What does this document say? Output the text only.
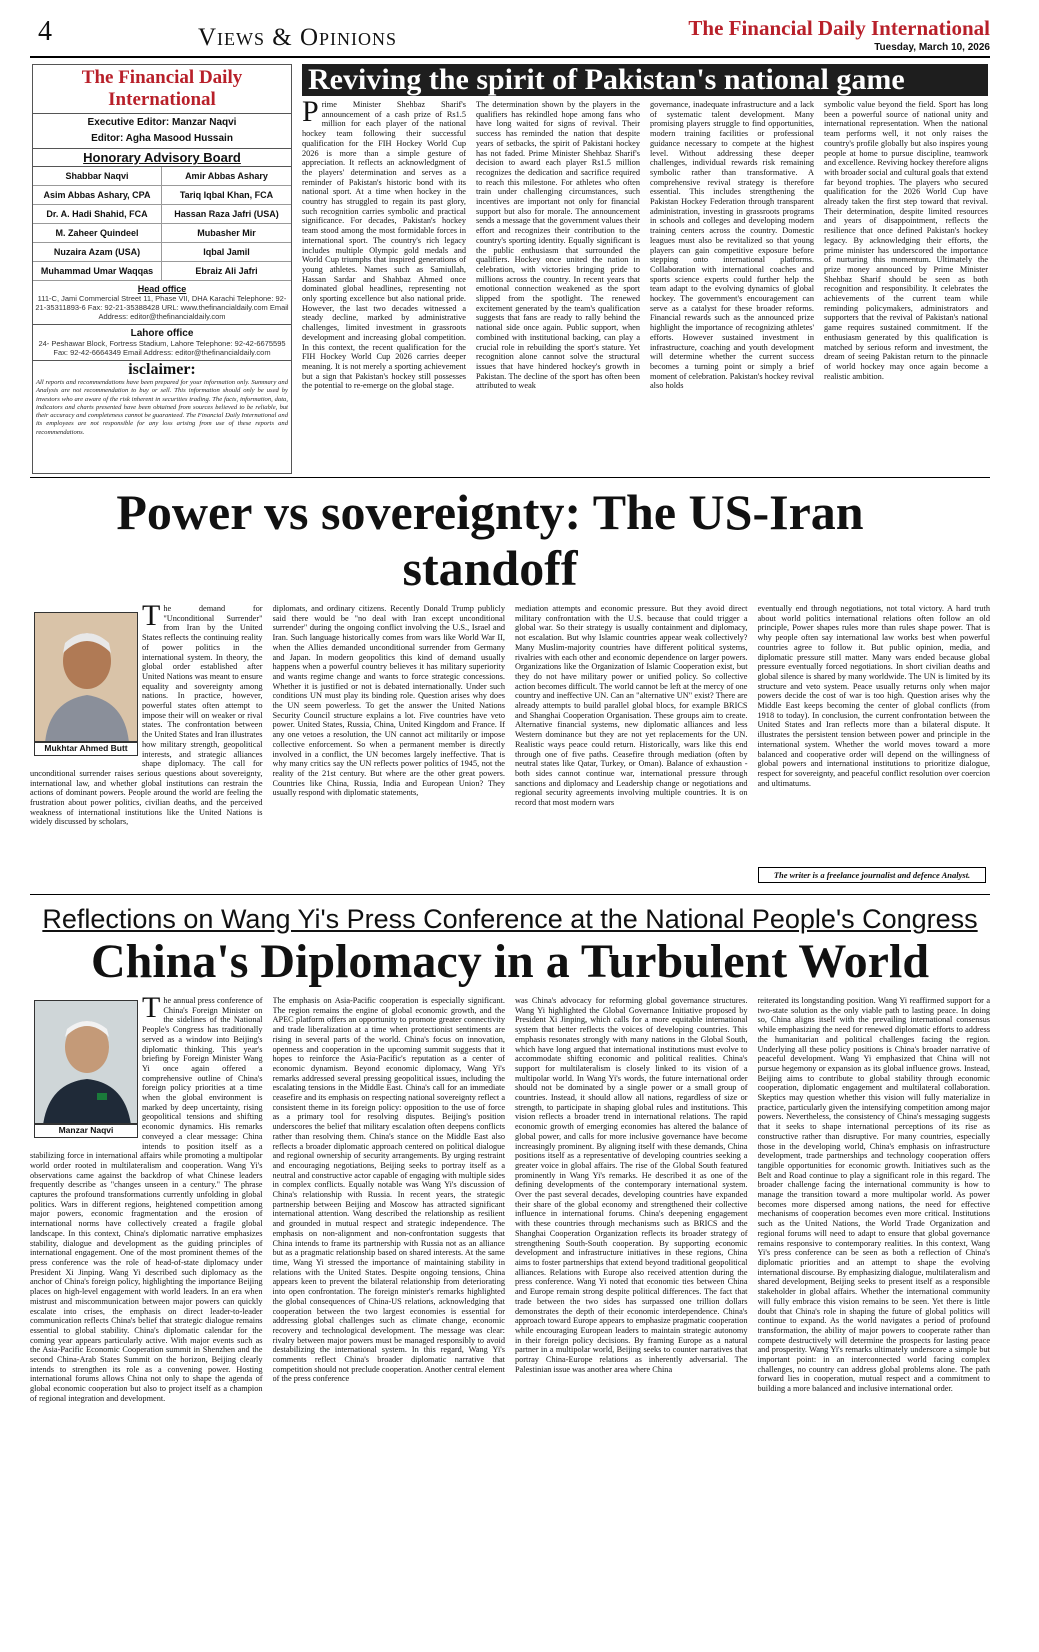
4	Views & Opinions	The Financial Daily International
Tuesday, March 10, 2026
The Financial Daily International
Executive Editor: Manzar Naqvi
Editor: Agha Masood Hussain
Honorary Advisory Board
Shabbar Naqvi	Amir Abbas Ashary
Asim Abbas Ashary, CPA	Tariq Iqbal Khan, FCA
Dr. A. Hadi Shahid, FCA	Hassan Raza Jafri (USA)
M. Zaheer Quindeel	Mubasher Mir
Nuzaira Azam (USA)	Iqbal Jamil
Muhammad Umar Waqqas	Ebraiz Ali Jafri
Head office
111-C, Jami Commercial Street 11, Phase VII, DHA Karachi Telephone: 92-21-35311893-6 Fax: 92-21-35388428 URL: www.thefinancialdaily.com Email Address: editor@thefinancialdaily.com
Lahore office
24- Peshawar Block, Fortress Stadium, Lahore Telephone: 92-42-6675595 Fax: 92-42-6664349 Email Address: editor@thefinancialdaily.com
isclaimer:
All reports and recommendations have been prepared for your information only. Summary and Analysis are not recommendation to buy or sell. This information should only be used by investors who are aware of the risk inherent in securities trading. The facts, information, data, indicators and charts presented have been obtained from sources believed to be reliable, but their accuracy and completeness cannot be guaranteed. The Financial Daily International and its employees are not responsible for any loss arising from use of these reports and recommendations.
Reviving the spirit of Pakistan's national game
Prime Minister Shehbaz Sharif's announcement of a cash prize of Rs1.5 million for each player of the national hockey team following their successful qualification for the FIH Hockey World Cup 2026 is more than a simple gesture of appreciation. It reflects an acknowledgment of the players' determination and serves as a reminder of Pakistan's historic bond with its national sport. At a time when hockey in the country has struggled to regain its past glory, such recognition carries symbolic and practical significance. For decades, Pakistan's hockey team stood among the most formidable forces in international sport. The country's rich legacy includes multiple Olympic gold medals and World Cup triumphs that inspired generations of young athletes. Names such as Samiullah, Hassan Sardar and Shahbaz Ahmed once dominated global headlines, representing not only sporting excellence but also national pride. However, the last two decades witnessed a steady decline, marked by administrative challenges, limited investment in grassroots development and increasing global competition. In this context, the recent qualification for the FIH Hockey World Cup 2026 carries deeper meaning. It is not merely a sporting achievement but a sign that Pakistan's hockey still possesses the potential to re-emerge on the global stage.
The determination shown by the players in the qualifiers has rekindled hope among fans who have long waited for signs of revival. Their success has reminded the nation that despite years of setbacks, the spirit of Pakistani hockey has not faded. Prime Minister Shehbaz Sharif's decision to award each player Rs1.5 million recognizes the dedication and sacrifice required to reach this milestone. For athletes who often train under challenging circumstances, such incentives are important not only for financial support but also for morale. The announcement sends a message that the government values their effort and recognizes their contribution to the country's sporting identity. Equally significant is the public enthusiasm that surrounded the qualifiers. Hockey once united the nation in celebration, with victories bringing pride to millions across the country. In recent years that emotional connection weakened as the sport slipped from the spotlight. The renewed excitement generated by the team's qualification suggests that fans are ready to rally behind the national side once again. Public support, when combined with institutional backing, can play a crucial role in rebuilding the sport's stature. Yet recognition alone cannot solve the structural issues that have hindered hockey's growth in Pakistan. The decline of the sport has often been attributed to weak
governance, inadequate infrastructure and a lack of systematic talent development. Many promising players struggle to find opportunities, modern training facilities or professional guidance necessary to compete at the highest level. Without addressing these deeper challenges, individual rewards risk remaining symbolic rather than transformative. A comprehensive revival strategy is therefore essential. This includes strengthening the Pakistan Hockey Federation through transparent administration, investing in grassroots programs in schools and colleges and developing modern training centers across the country. Domestic leagues must also be revitalized so that young players can gain competitive exposure before stepping onto international platforms. Collaboration with international coaches and sports science experts could further help the team adapt to the evolving dynamics of global hockey. The government's encouragement can serve as a catalyst for these broader reforms. Financial rewards such as the announced prize highlight the importance of recognizing athletes' efforts. However sustained investment in infrastructure, coaching and youth development will determine whether the current success becomes a turning point or simply a brief moment of celebration. Pakistan's hockey revival also holds
symbolic value beyond the field. Sport has long been a powerful source of national unity and international representation. When the national team performs well, it not only raises the country's profile globally but also inspires young people at home to pursue discipline, teamwork and excellence. Reviving hockey therefore aligns with broader social and cultural goals that extend far beyond trophies. The players who secured qualification for the 2026 World Cup have already taken the first step toward that revival. Their determination, despite limited resources and years of disappointment, reflects the resilience that once defined Pakistan's hockey legacy. By acknowledging their efforts, the prime minister has underscored the importance of nurturing this momentum. Ultimately the prize money announced by Prime Minister Shehbaz Sharif should be seen as both recognition and responsibility. It celebrates the achievements of the current team while reminding policymakers, administrators and supporters that the revival of Pakistan's national game requires sustained commitment. If the enthusiasm generated by this qualification is matched by serious reform and investment, the dream of seeing Pakistan return to the pinnacle of world hockey may once again become a realistic ambition.
Power vs sovereignty: The US-Iran standoff
Mukhtar Ahmed Butt
The demand for "Unconditional Surrender" from Iran by the United States reflects the continuing reality of power politics in the international system. In theory, the global order established after United Nations was meant to ensure equality and sovereignty among nations. In practice, however, powerful states often attempt to impose their will on weaker or rival states. The confrontation between the United States and Iran illustrates how military strength, geopolitical interests, and strategic alliances shape diplomacy. The call for unconditional surrender raises serious questions about sovereignty, international law, and whether global institutions can restrain the actions of dominant powers. People around the world are feeling the frustration about power politics, civilian deaths, and the perceived weakness of international institutions like the United Nations is widely discussed by scholars,
diplomats, and ordinary citizens. Recently Donald Trump publicly said there would be "no deal with Iran except unconditional surrender" during the ongoing conflict involving the U.S., Israel and Iran. Such language historically comes from wars like World War II, when the Allies demanded unconditional surrender from Germany and Japan. In modern geopolitics this kind of demand usually happens when a powerful country believes it has military superiority and wants regime change and wants to force strategic concessions. Whether it is justified or not is debated internationally. Under such conditions UN must play its binding role. Question arises why does the UN seem powerless. To get the answer the United Nations Security Council structure explains a lot. Five countries have veto power. United States, Russia, China, United Kingdom and France. If any one vetoes a resolution, the UN cannot act militarily or impose collective enforcement. So when a permanent member is directly involved in a conflict, the UN becomes largely ineffective. That is why many critics say the UN reflects power politics of 1945, not the reality of the 21st century. But where are the other great powers. Countries like China, Russia, India and European Union? They usually respond with diplomatic statements,
mediation attempts and economic pressure. But they avoid direct military confrontation with the U.S. because that could trigger a global war. So their strategy is usually containment and diplomacy, not escalation. But why Islamic countries appear weak collectively? Many Muslim-majority countries have different political systems, rivalries with each other and economic dependence on larger powers. Organizations like the Organization of Islamic Cooperation exist, but they do not have military power or unified policy. So collective action becomes difficult. The world cannot be left at the mercy of one country and ineffective UN. Can an "alternative UN" exist? There are already attempts to build parallel global blocs, for example BRICS and Shanghai Cooperation Organisation. These groups aim to create. Alternative financial systems, new diplomatic alliances and less Western dominance but they are not yet replacements for the UN. Realistic ways peace could return. Historically, wars like this end through one of five paths. Ceasefire through mediation (often by neutral states like Qatar, Turkey, or Oman). Balance of exhaustion - both sides cannot continue war, international pressure through sanctions and diplomacy and Leadership change or negotiations and regional security agreements involving multiple countries. It is on record that most modern wars
eventually end through negotiations, not total victory. A hard truth about world politics international relations often follow an old principle, Power shapes rules more than rules shape power. That is why people often say international law works best when powerful countries agree to follow it. But public opinion, media, and diplomatic pressure still matter. Many wars ended because global pressure eventually forced negotiations. In short civilian deaths and global silence is shared by many worldwide. The UN is limited by its structure and veto system. Peace usually returns only when major powers decide the cost of war is too high. Question arises why the Middle East keeps becoming the center of global conflicts (from 1918 to today). In conclusion, the current confrontation between the United States and Iran reflects more than a bilateral dispute. It illustrates the persistent tension between power and principle in the international system. Whether the world moves toward a more balanced and cooperative order will depend on the willingness of global powers and international institutions to prioritize dialogue, respect for sovereignty, and peaceful conflict resolution over coercion and ultimatums.
The writer is a freelance journalist and defence Analyst.
Reflections on Wang Yi's Press Conference at the National People's Congress
China's Diplomacy in a Turbulent World
Manzar Naqvi
The annual press conference of China's Foreign Minister on the sidelines of the National People's Congress has traditionally served as a window into Beijing's diplomatic thinking. This year's briefing by Foreign Minister Wang Yi once again offered a comprehensive outline of China's foreign policy priorities at a time when the global environment is marked by deep uncertainty, rising geopolitical tensions and shifting economic dynamics. His remarks conveyed a clear message: China intends to position itself as a stabilizing force in international affairs while promoting a multipolar world order rooted in multilateralism and cooperation. Wang Yi's observations came against the backdrop of what Chinese leaders frequently describe as "changes unseen in a century." The phrase captures the profound transformations currently unfolding in global politics. Wars in different regions, heightened competition among major powers, economic fragmentation and the erosion of international norms have collectively created a fragile global landscape. In this context, China's diplomatic narrative emphasizes stability, dialogue and development as the guiding principles of international engagement. One of the most prominent themes of the press conference was the role of head-of-state diplomacy under President Xi Jinping. Wang Yi described such diplomacy as the anchor of China's foreign policy, highlighting the importance Beijing places on high-level engagement with world leaders. In an era when mistrust and miscommunication between major powers can quickly escalate into crises, the emphasis on direct leader-to-leader communication reflects China's belief that strategic dialogue remains essential to global stability. China's diplomatic calendar for the coming year appears particularly active. With major events such as the Asia-Pacific Economic Cooperation summit in Shenzhen and the second China-Arab States Summit on the horizon, Beijing clearly intends to strengthen its role as a convening power. Hosting international forums allows China not only to shape the agenda of global economic cooperation but also to project itself as a champion of regional integration and development.
The emphasis on Asia-Pacific cooperation is especially significant. The region remains the engine of global economic growth, and the APEC platform offers an opportunity to promote greater connectivity and trade liberalization at a time when protectionist sentiments are rising in several parts of the world. China's focus on innovation, openness and cooperation in the upcoming summit suggests that it hopes to reinforce the Asia-Pacific's reputation as a center of economic dynamism. Beyond economic diplomacy, Wang Yi's remarks addressed several pressing geopolitical issues, including the escalating tensions in the Middle East. China's call for an immediate ceasefire and its emphasis on respecting national sovereignty reflect a consistent theme in its foreign policy: opposition to the use of force as a primary tool for resolving disputes. Beijing's position underscores the belief that military escalation often deepens conflicts rather than resolving them. China's stance on the Middle East also reflects a broader diplomatic approach centered on political dialogue and regional ownership of security arrangements. By urging restraint and encouraging negotiations, Beijing seeks to portray itself as a neutral and constructive actor capable of engaging with multiple sides in complex conflicts. Equally notable was Wang Yi's discussion of China's relationship with Russia. In recent years, the strategic partnership between Beijing and Moscow has attracted significant international attention. Wang described the relationship as resilient and grounded in mutual respect and strategic independence. The emphasis on non-alignment and non-confrontation suggests that China intends to frame its partnership with Russia not as an alliance but as a pragmatic relationship based on shared interests. At the same time, Wang Yi stressed the importance of maintaining stability in relations with the United States. Despite ongoing tensions, China appears keen to prevent the bilateral relationship from deteriorating into open confrontation. The foreign minister's remarks highlighted the global consequences of China-US relations, acknowledging that cooperation between the two largest economies is essential for addressing global challenges such as climate change, economic recovery and technological development. The message was clear: rivalry between major powers must be managed responsibly to avoid destabilizing the international system. In this regard, Wang Yi's comments reflect China's broader diplomatic narrative that competition should not preclude cooperation. Another central element of the press conference
was China's advocacy for reforming global governance structures. Wang Yi highlighted the Global Governance Initiative proposed by President Xi Jinping, which calls for a more equitable international system that better reflects the voices of developing countries. This emphasis resonates strongly with many nations in the Global South, which have long argued that international institutions must evolve to accommodate shifting economic and political realities. China's support for multilateralism is closely linked to its vision of a multipolar world. In Wang Yi's words, the future international order should not be dominated by a single power or a small group of countries. Instead, it should allow all nations, regardless of size or strength, to participate in shaping global rules and institutions. This vision reflects a broader trend in international relations. The rapid economic growth of emerging economies has altered the balance of global power, and calls for more inclusive governance have become increasingly prominent. By aligning itself with these demands, China positions itself as a representative of developing countries seeking a greater voice in global affairs. The rise of the Global South featured prominently in Wang Yi's remarks. He described it as one of the defining developments of the contemporary international system. Over the past several decades, developing countries have expanded their share of the global economy and strengthened their collective influence in international forums. China's deepening engagement with these countries through mechanisms such as BRICS and the Shanghai Cooperation Organization reflects its broader strategy of strengthening South-South cooperation. By supporting economic development and infrastructure initiatives in these regions, China aims to foster partnerships that extend beyond traditional geopolitical alliances. Relations with Europe also received attention during the press conference. Wang Yi noted that economic ties between China and Europe remain strong despite political differences. The fact that trade between the two sides has surpassed one trillion dollars demonstrates the depth of their economic interdependence. China's approach toward Europe appears to emphasize pragmatic cooperation while encouraging European leaders to maintain strategic autonomy in their foreign policy decisions. By framing Europe as a natural partner in a multipolar world, Beijing seeks to counter narratives that portray China-Europe relations as inherently adversarial. The Palestinian issue was another area where China
reiterated its longstanding position. Wang Yi reaffirmed support for a two-state solution as the only viable path to lasting peace. In doing so, China aligns itself with the prevailing international consensus while emphasizing the need for renewed diplomatic efforts to address the humanitarian and political challenges facing the region. Underlying all these policy positions is China's broader narrative of peaceful development. Wang Yi emphasized that China will not pursue hegemony or expansion as its global influence grows. Instead, Beijing aims to contribute to global stability through economic cooperation, diplomatic engagement and multilateral collaboration. Skeptics may question whether this vision will fully materialize in practice, particularly given the intensifying competition among major powers. Nevertheless, the consistency of China's messaging suggests that it seeks to shape international perceptions of its rise as constructive rather than disruptive. For many countries, especially those in the developing world, China's emphasis on infrastructure development, trade partnerships and technology cooperation offers tangible opportunities for economic growth. Initiatives such as the Belt and Road continue to play a significant role in this regard. The broader challenge facing the international community is how to manage the transition toward a more multipolar world. As power becomes more dispersed among nations, the need for effective mechanisms of cooperation becomes even more critical. Institutions such as the United Nations, the World Trade Organization and regional forums will need to adapt to ensure that global governance remains responsive to contemporary realities. In this context, Wang Yi's press conference can be seen as both a reflection of China's diplomatic priorities and an attempt to shape the evolving international discourse. By emphasizing dialogue, multilateralism and shared development, Beijing seeks to present itself as a responsible stakeholder in global affairs. Whether the international community will fully embrace this vision remains to be seen. Yet there is little doubt that China's role in shaping the future of global politics will continue to expand. As the world navigates a period of profound transformation, the ability of major powers to cooperate rather than compete destructively will determine the prospects for lasting peace and prosperity. Wang Yi's remarks ultimately underscore a simple but important point: in an interconnected world facing complex challenges, no country can address global problems alone. The path forward lies in cooperation, mutual respect and a commitment to building a more balanced and inclusive international order.
